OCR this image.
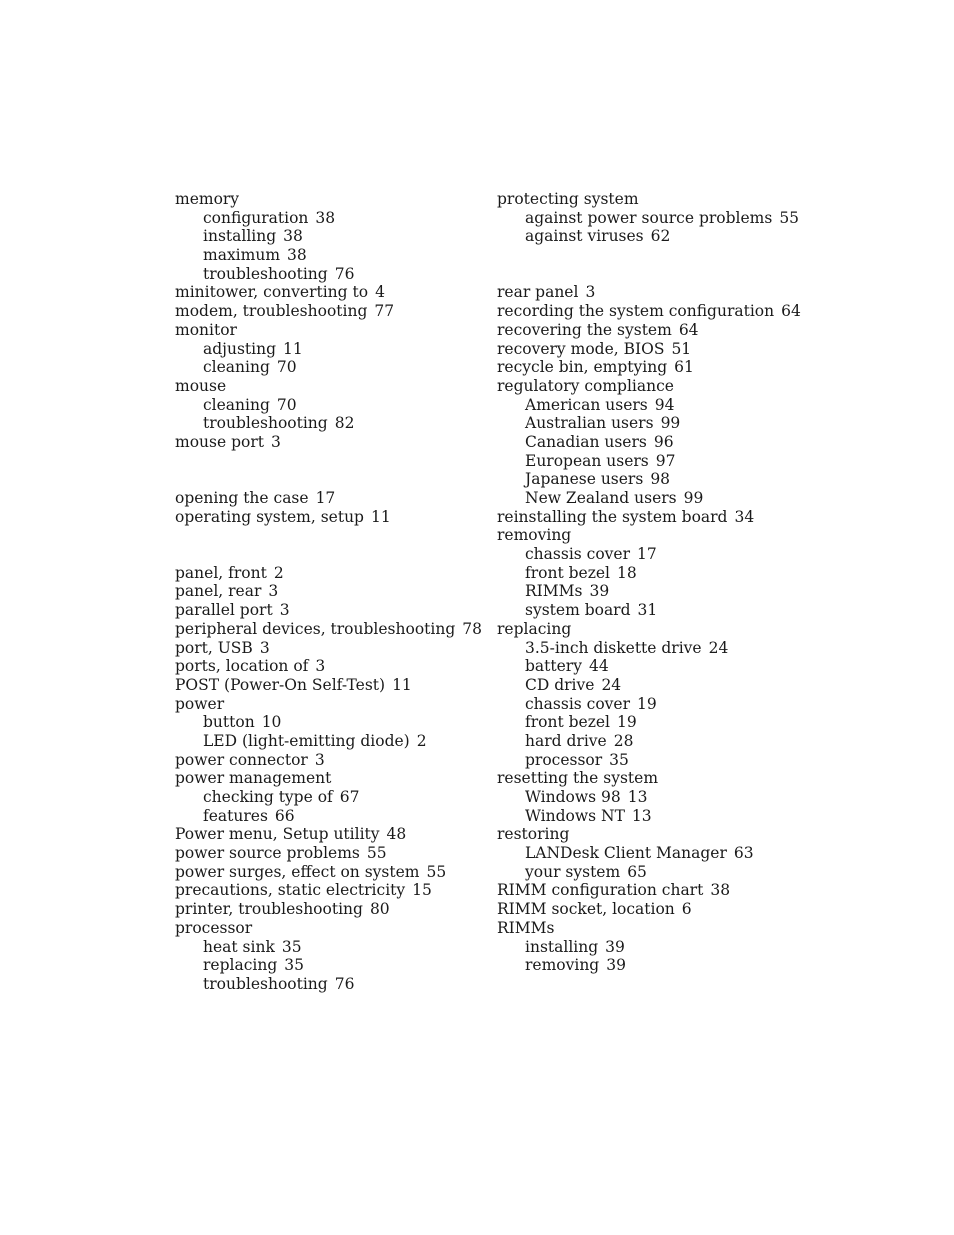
memory
configuration 38
installing 38
maximum 38
troubleshooting 76
minitower, converting to 4
modem, troubleshooting 77
monitor
adjusting 11
cleaning 70
mouse
cleaning 70
troubleshooting 82
mouse port 3
opening the case 17
operating system, setup 11
panel, front 2
panel, rear 3
parallel port 3
peripheral devices, troubleshooting 78
port, USB 3
ports, location of 3
POST (Power-On Self-Test) 11
power
button 10
LED (light-emitting diode) 2
power connector 3
power management
checking type of 67
features 66
Power menu, Setup utility 48
power source problems 55
power surges, effect on system 55
precautions, static electricity 15
printer, troubleshooting 80
processor
heat sink 35
replacing 35
troubleshooting 76
protecting system
against power source problems 55
against viruses 62
rear panel 3
recording the system configuration 64
recovering the system 64
recovery mode, BIOS 51
recycle bin, emptying 61
regulatory compliance
American users 94
Australian users 99
Canadian users 96
European users 97
Japanese users 98
New Zealand users 99
reinstalling the system board 34
removing
chassis cover 17
front bezel 18
RIMMs 39
system board 31
replacing
3.5-inch diskette drive 24
battery 44
CD drive 24
chassis cover 19
front bezel 19
hard drive 28
processor 35
resetting the system
Windows 98 13
Windows NT 13
restoring
LANDesk Client Manager 63
your system 65
RIMM configuration chart 38
RIMM socket, location 6
RIMMs
installing 39
removing 39
